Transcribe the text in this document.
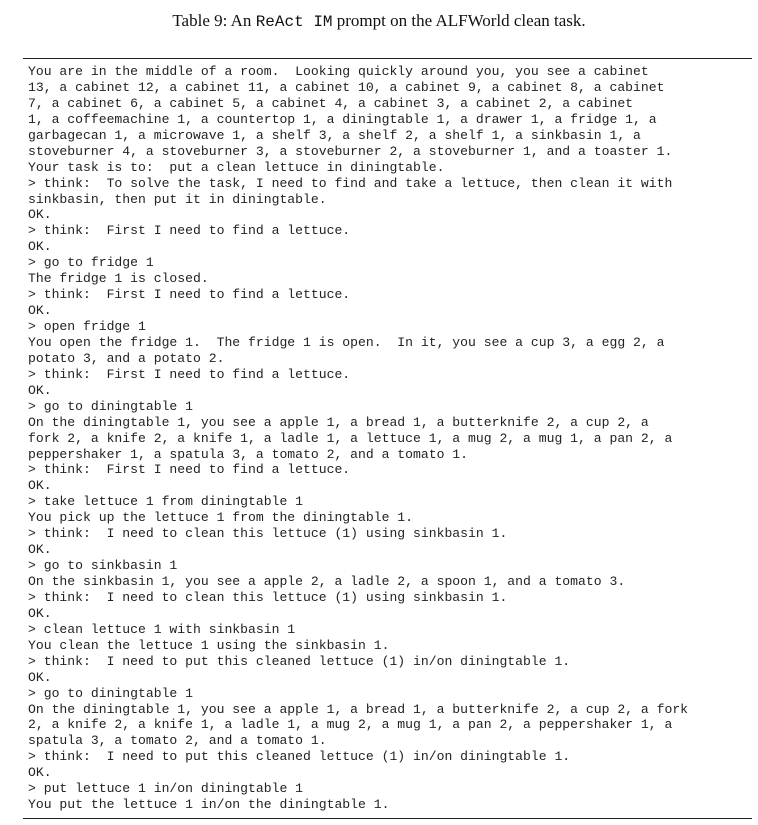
Table 9: An ReAct IM prompt on the ALFWorld clean task.
You are in the middle of a room.  Looking quickly around you, you see a cabinet
13, a cabinet 12, a cabinet 11, a cabinet 10, a cabinet 9, a cabinet 8, a cabinet
7, a cabinet 6, a cabinet 5, a cabinet 4, a cabinet 3, a cabinet 2, a cabinet
1, a coffeemachine 1, a countertop 1, a diningtable 1, a drawer 1, a fridge 1, a
garbagecan 1, a microwave 1, a shelf 3, a shelf 2, a shelf 1, a sinkbasin 1, a
stoveburner 4, a stoveburner 3, a stoveburner 2, a stoveburner 1, and a toaster 1.
Your task is to:  put a clean lettuce in diningtable.
> think:  To solve the task, I need to find and take a lettuce, then clean it with
sinkbasin, then put it in diningtable.
OK.
> think:  First I need to find a lettuce.
OK.
> go to fridge 1
The fridge 1 is closed.
> think:  First I need to find a lettuce.
OK.
> open fridge 1
You open the fridge 1.  The fridge 1 is open.  In it, you see a cup 3, a egg 2, a
potato 3, and a potato 2.
> think:  First I need to find a lettuce.
OK.
> go to diningtable 1
On the diningtable 1, you see a apple 1, a bread 1, a butterknife 2, a cup 2, a
fork 2, a knife 2, a knife 1, a ladle 1, a lettuce 1, a mug 2, a mug 1, a pan 2, a
peppershaker 1, a spatula 3, a tomato 2, and a tomato 1.
> think:  First I need to find a lettuce.
OK.
> take lettuce 1 from diningtable 1
You pick up the lettuce 1 from the diningtable 1.
> think:  I need to clean this lettuce (1) using sinkbasin 1.
OK.
> go to sinkbasin 1
On the sinkbasin 1, you see a apple 2, a ladle 2, a spoon 1, and a tomato 3.
> think:  I need to clean this lettuce (1) using sinkbasin 1.
OK.
> clean lettuce 1 with sinkbasin 1
You clean the lettuce 1 using the sinkbasin 1.
> think:  I need to put this cleaned lettuce (1) in/on diningtable 1.
OK.
> go to diningtable 1
On the diningtable 1, you see a apple 1, a bread 1, a butterknife 2, a cup 2, a fork
2, a knife 2, a knife 1, a ladle 1, a mug 2, a mug 1, a pan 2, a peppershaker 1, a
spatula 3, a tomato 2, and a tomato 1.
> think:  I need to put this cleaned lettuce (1) in/on diningtable 1.
OK.
> put lettuce 1 in/on diningtable 1
You put the lettuce 1 in/on the diningtable 1.
